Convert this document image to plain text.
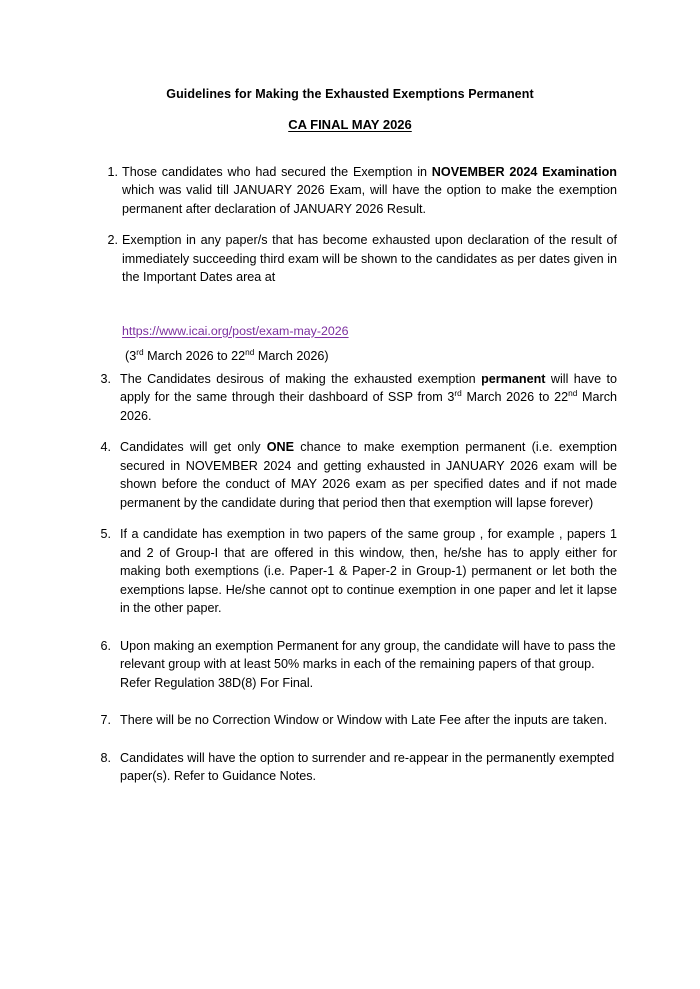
Guidelines for Making the Exhausted Exemptions Permanent
CA FINAL MAY 2026
1. Those candidates who had secured the Exemption in NOVEMBER 2024 Examination which was valid till JANUARY 2026 Exam, will have the option to make the exemption permanent after declaration of JANUARY 2026 Result.
2. Exemption in any paper/s that has become exhausted upon declaration of the result of immediately succeeding third exam will be shown to the candidates as per dates given in the Important Dates area at
https://www.icai.org/post/exam-may-2026
(3rd March 2026 to 22nd March 2026)
3. The Candidates desirous of making the exhausted exemption permanent will have to apply for the same through their dashboard of SSP from 3rd March 2026 to 22nd March 2026.
4. Candidates will get only ONE chance to make exemption permanent (i.e. exemption secured in NOVEMBER 2024 and getting exhausted in JANUARY 2026 exam will be shown before the conduct of MAY 2026 exam as per specified dates and if not made permanent by the candidate during that period then that exemption will lapse forever)
5. If a candidate has exemption in two papers of the same group , for example , papers 1 and 2 of Group-I that are offered in this window, then, he/she has to apply either for making both exemptions (i.e. Paper-1 & Paper-2 in Group-1) permanent or let both the exemptions lapse. He/she cannot opt to continue exemption in one paper and let it lapse in the other paper.
6. Upon making an exemption Permanent for any group, the candidate will have to pass the relevant group with at least 50% marks in each of the remaining papers of that group. Refer Regulation 38D(8) For Final.
7. There will be no Correction Window or Window with Late Fee after the inputs are taken.
8. Candidates will have the option to surrender and re-appear in the permanently exempted paper(s). Refer to Guidance Notes.
